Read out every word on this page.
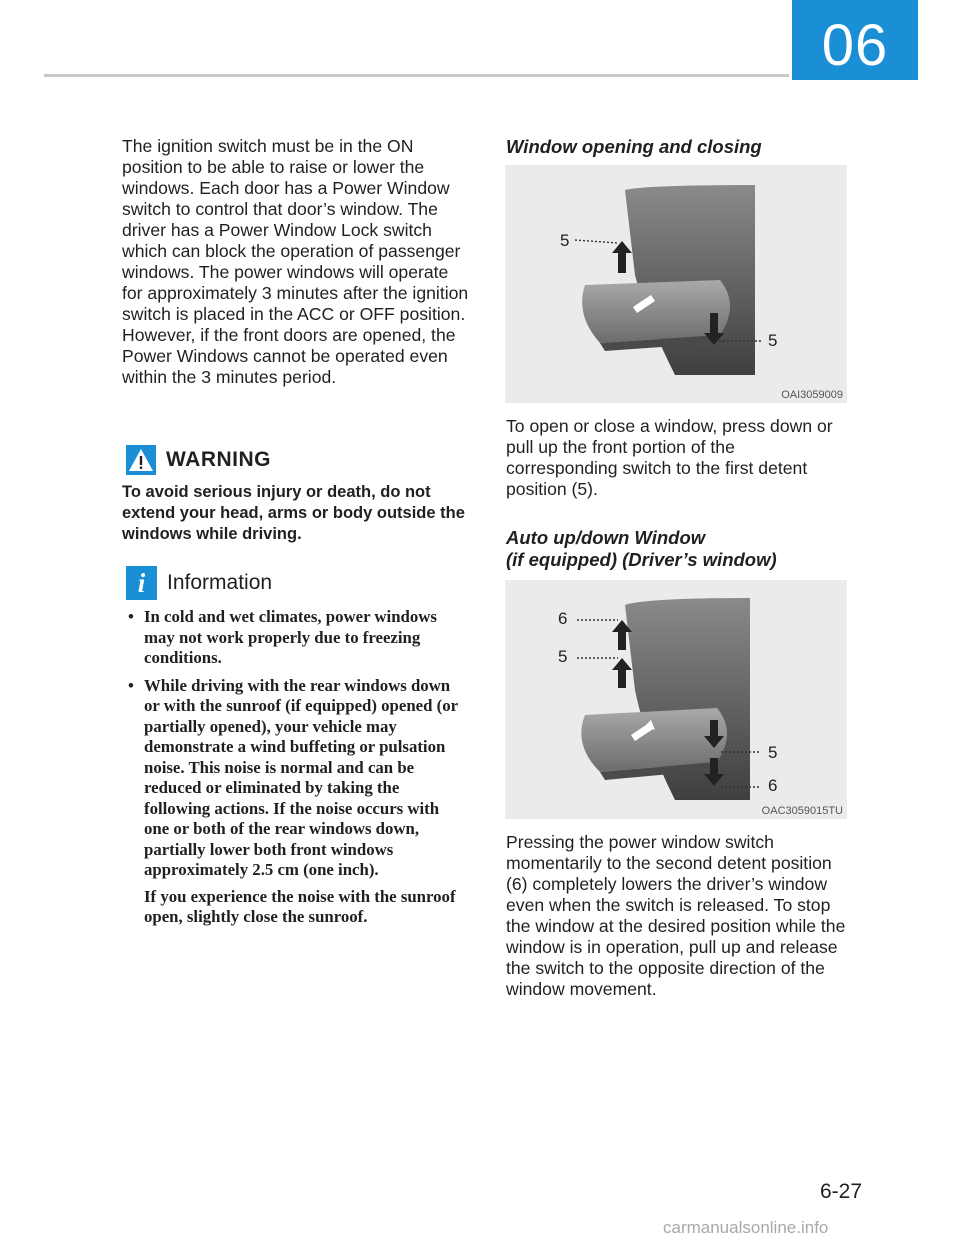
06

The ignition switch must be in the ON position to be able to raise or lower the windows. Each door has a Power Window switch to control that door’s window. The driver has a Power Window Lock switch which can block the operation of passenger windows. The power windows will operate for approximately 3 minutes after the ignition switch is placed in the ACC or OFF position. However, if the front doors are opened, the Power Windows cannot be operated even within the 3 minutes period.

WARNING

To avoid serious injury or death, do not extend your head, arms or body outside the windows while driving.

i	Information
• In cold and wet climates, power windows may not work properly due to freezing conditions.
• While driving with the rear windows down or with the sunroof (if equipped) opened (or partially opened), your vehicle may demonstrate a wind buffeting or pulsation noise. This noise is normal and can be reduced or eliminated by taking the following actions. If the noise occurs with one or both of the rear windows down, partially lower both front windows approximately 2.5 cm (one inch).

If you experience the noise with the sunroof open, slightly close the sunroof.

Window opening and closing

5
5
OAI3059009

To open or close a window, press down or pull up the front portion of the corresponding switch to the first detent position (5).

Auto up/down Window
(if equipped) (Driver’s window)

6
5
5
6
OAC3059015TU

Pressing the power window switch momentarily to the second detent position (6) completely lowers the driver’s window even when the switch is released. To stop the window at the desired position while the window is in operation, pull up and release the switch to the opposite direction of the window movement.

6-27
carmanualsonline.info
